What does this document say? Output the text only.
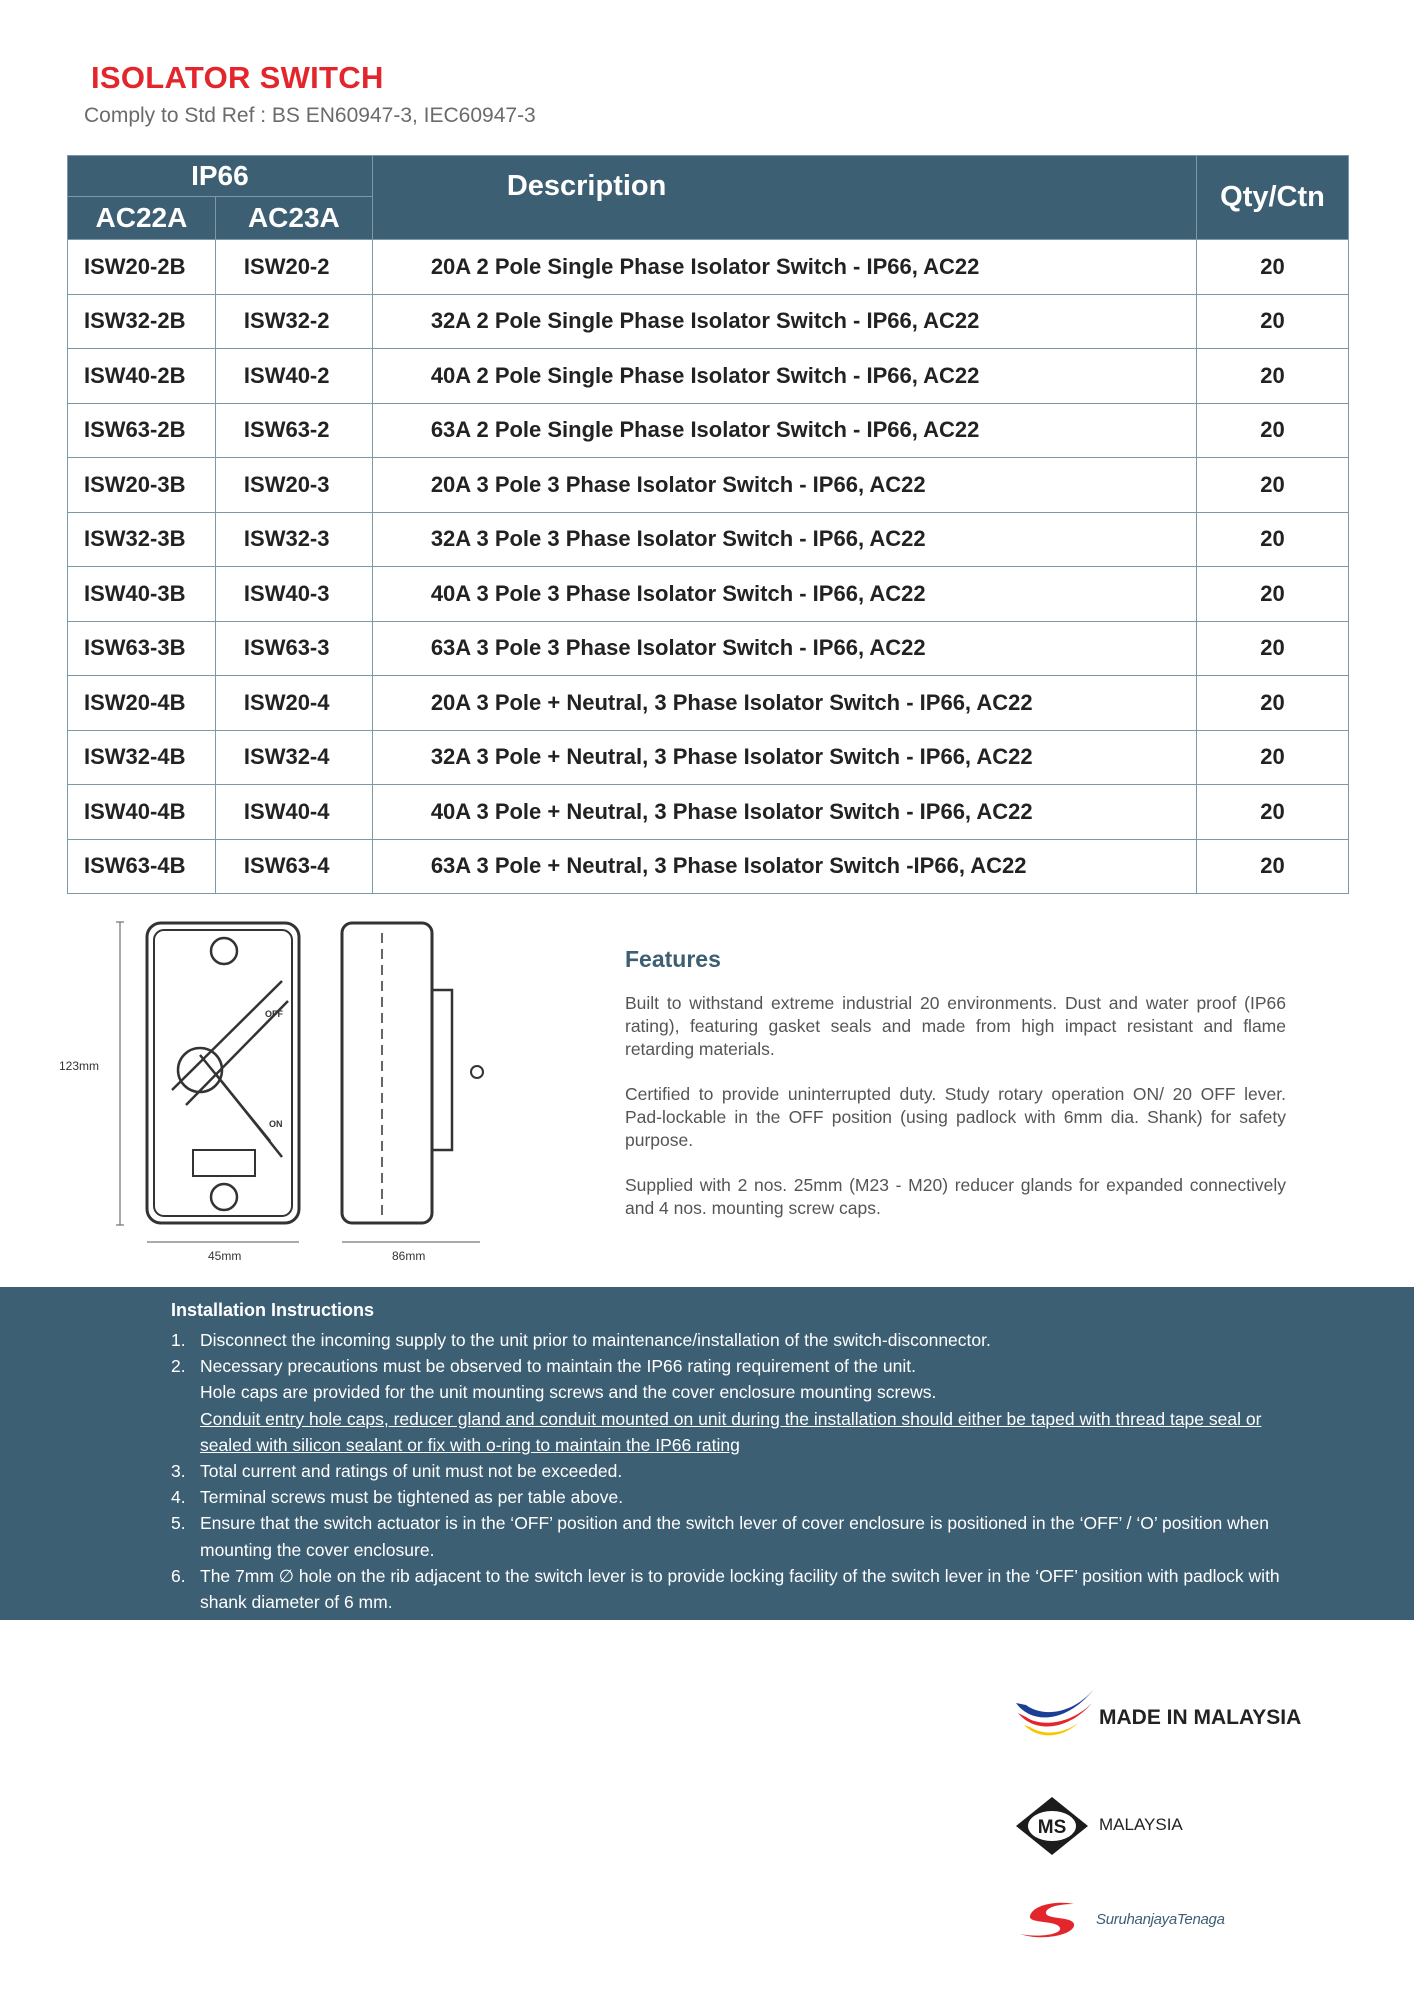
ISOLATOR SWITCH
Comply to Std Ref : BS EN60947-3, IEC60947-3
IP66		Description	Qty/Ctn
AC22A	AC23A		
ISW20-2B	ISW20-2	20A 2 Pole Single Phase Isolator Switch - IP66, AC22	20
ISW32-2B	ISW32-2	32A 2 Pole Single Phase Isolator Switch - IP66, AC22	20
ISW40-2B	ISW40-2	40A 2 Pole Single Phase Isolator Switch - IP66, AC22	20
ISW63-2B	ISW63-2	63A 2 Pole Single Phase Isolator Switch - IP66, AC22	20
ISW20-3B	ISW20-3	20A 3 Pole 3 Phase Isolator Switch - IP66, AC22	20
ISW32-3B	ISW32-3	32A 3 Pole 3 Phase Isolator Switch - IP66, AC22	20
ISW40-3B	ISW40-3	40A 3 Pole 3 Phase Isolator Switch - IP66, AC22	20
ISW63-3B	ISW63-3	63A 3 Pole 3 Phase Isolator Switch - IP66, AC22	20
ISW20-4B	ISW20-4	20A 3 Pole + Neutral, 3 Phase Isolator Switch - IP66, AC22	20
ISW32-4B	ISW32-4	32A 3 Pole + Neutral, 3 Phase Isolator Switch - IP66, AC22	20
ISW40-4B	ISW40-4	40A 3 Pole + Neutral, 3 Phase Isolator Switch - IP66, AC22	20
ISW63-4B	ISW63-4	63A 3 Pole + Neutral, 3 Phase Isolator Switch -IP66, AC22	20
123mm
OFF
ON
45mm	86mm
Features
Built to withstand extreme industrial 20 environments. Dust and water proof (IP66 rating), featuring gasket seals and made from high impact resistant and flame retarding materials.
Certified to provide uninterrupted duty. Study rotary operation ON/ 20 OFF lever. Pad-lockable in the OFF position (using padlock with 6mm dia. Shank) for safety purpose.
Supplied with 2 nos. 25mm (M23 - M20) reducer glands for expanded connectively and 4 nos. mounting screw caps.
Installation Instructions
1. Disconnect the incoming supply to the unit prior to maintenance/installation of the switch-disconnector.
2. Necessary precautions must be observed to maintain the IP66 rating requirement of the unit.
Hole caps are provided for the unit mounting screws and the cover enclosure mounting screws.
Conduit entry hole caps, reducer gland and conduit mounted on unit during the installation should either be taped with thread tape seal or sealed with silicon sealant or fix with o-ring to maintain the IP66 rating
3. Total current and ratings of unit must not be exceeded.
4. Terminal screws must be tightened as per table above.
5. Ensure that the switch actuator is in the ‘OFF’ position and the switch lever of cover enclosure is positioned in the ‘OFF’ / ‘O’ position when mounting the cover enclosure.
6. The 7mm ∅ hole on the rib adjacent to the switch lever is to provide locking facility of the switch lever in the ‘OFF’ position with padlock with shank diameter of 6 mm.
MADE IN MALAYSIA
MS MALAYSIA
SuruhanjayaTenaga
